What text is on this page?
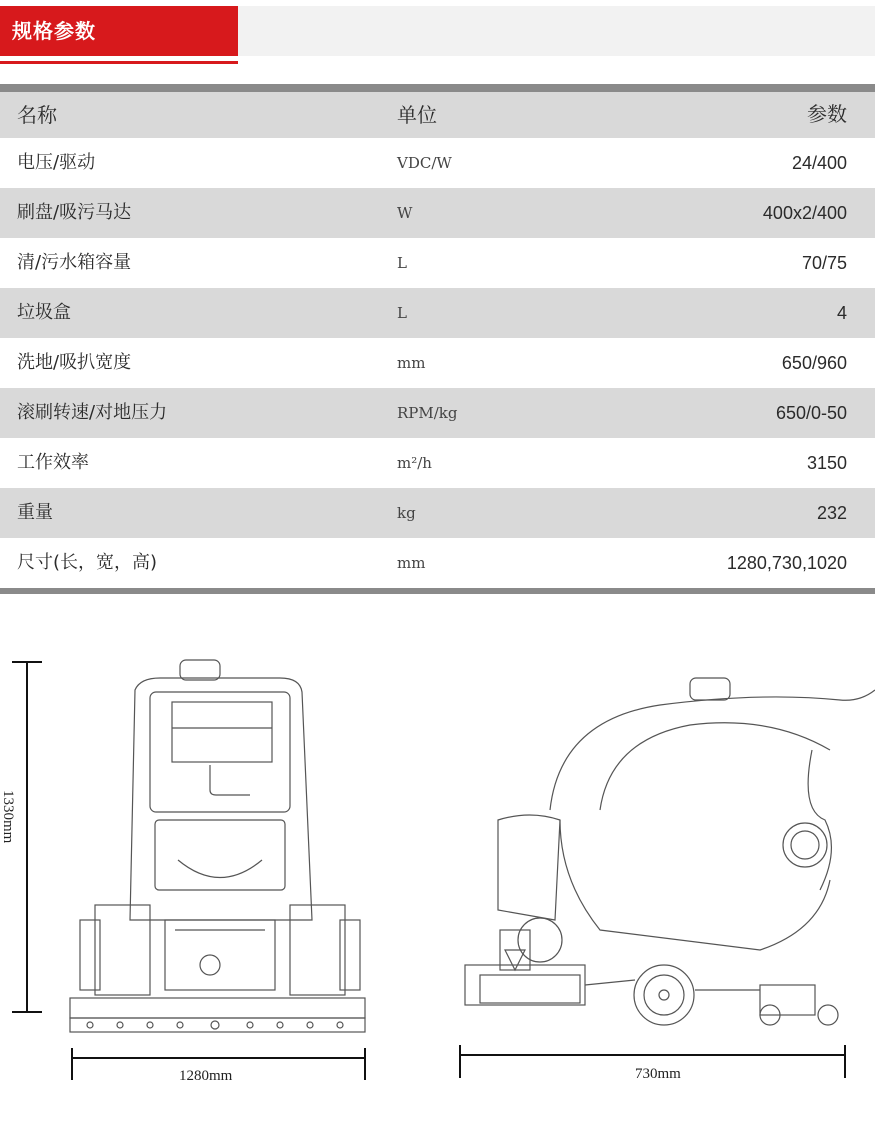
规格参数
名称	单位	参数
电压/驱动	VDC/W	24/400
刷盘/吸污马达	W	400x2/400
清/污水箱容量	L	70/75
垃圾盒	L	4
洗地/吸扒宽度	mm	650/960
滚刷转速/对地压力	RPM/kg	650/0-50
工作效率	m²/h	3150
重量	kg	232
尺寸(长，宽，高)	mm	1280,730,1020
1330mm
1280mm	730mm
